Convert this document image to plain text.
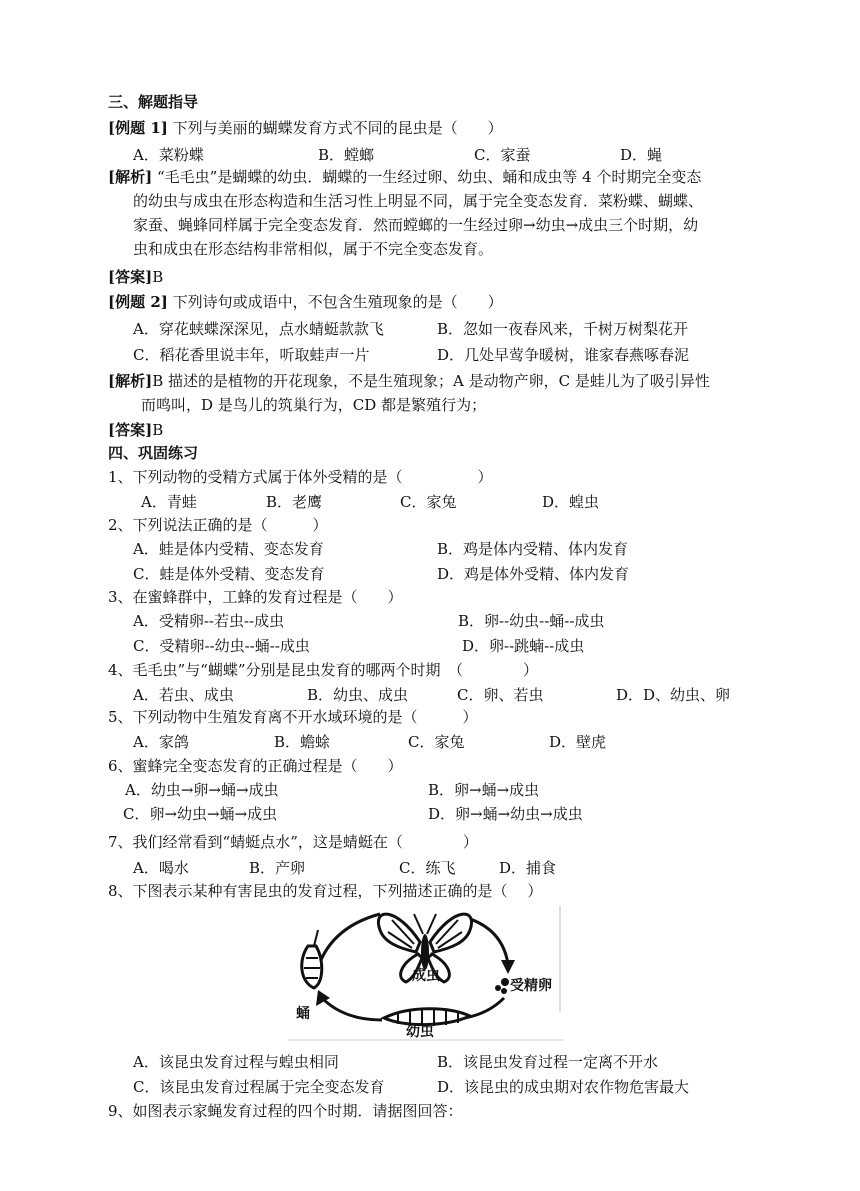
三、解题指导
[例题 1] 下列与美丽的蝴蝶发育方式不同的昆虫是（　　）
A．菜粉蝶	B．螳螂	C．家蚕	D．蝇
[解析] “毛毛虫”是蝴蝶的幼虫．蝴蝶的一生经过卵、幼虫、蛹和成虫等 4 个时期完全变态
的幼虫与成虫在形态构造和生活习性上明显不同，属于完全变态发育．菜粉蝶、蝴蝶、
家蚕、蝇蜂同样属于完全变态发育．然而螳螂的一生经过卵→幼虫→成虫三个时期，幼
虫和成虫在形态结构非常相似，属于不完全变态发育。
[答案]B
[例题 2] 下列诗句或成语中，不包含生殖现象的是（　　）
A．穿花蛱蝶深深见，点水蜻蜓款款飞	B．忽如一夜春风来，千树万树梨花开
C．稻花香里说丰年，听取蛙声一片	D．几处早莺争暖树，谁家春燕啄春泥
[解析]B 描述的是植物的开花现象，不是生殖现象；A 是动物产卵，C 是蛙儿为了吸引异性
而鸣叫，D 是鸟儿的筑巢行为，CD 都是繁殖行为；
[答案]B
四、巩固练习
1、下列动物的受精方式属于体外受精的是（　　　　　）
A．青蛙	B．老鹰	C．家兔	D．蝗虫
2、下列说法正确的是（　　　）
A．蛙是体内受精、变态发育	B．鸡是体内受精、体内发育
C．蛙是体外受精、变态发育	D．鸡是体外受精、体内发育
3、在蜜蜂群中，工蜂的发育过程是（　　）
A．受精卵--若虫--成虫	B．卵--幼虫--蛹--成虫
C．受精卵--幼虫--蛹--成虫	D．卵--跳蝻--成虫
4、毛毛虫”与“蝴蝶”分别是昆虫发育的哪两个时期　（　　　　）
A．若虫、成虫	B．幼虫、成虫	C．卵、若虫	D．D、幼虫、卵
5、下列动物中生殖发育离不开水域环境的是（　　　）
A．家鸽	B．蟾蜍	C．家兔	D．壁虎
6、蜜蜂完全变态发育的正确过程是（　　）
A．幼虫→卵→蛹→成虫	B．卵→蛹→成虫
C．卵→幼虫→蛹→成虫	D．卵→蛹→幼虫→成虫
7、我们经常看到“蜻蜓点水”，这是蜻蜓在（　　　　）
A．喝水	B．产卵	C．练飞	D．捕食
8、下图表示某种有害昆虫的发育过程，下列描述正确的是（　 ）
成虫
受精卵
蛹
幼虫
A．该昆虫发育过程与蝗虫相同	B．该昆虫发育过程一定离不开水
C．该昆虫发育过程属于完全变态发育	D．该昆虫的成虫期对农作物危害最大
9、如图表示家蝇发育过程的四个时期．请据图回答：
